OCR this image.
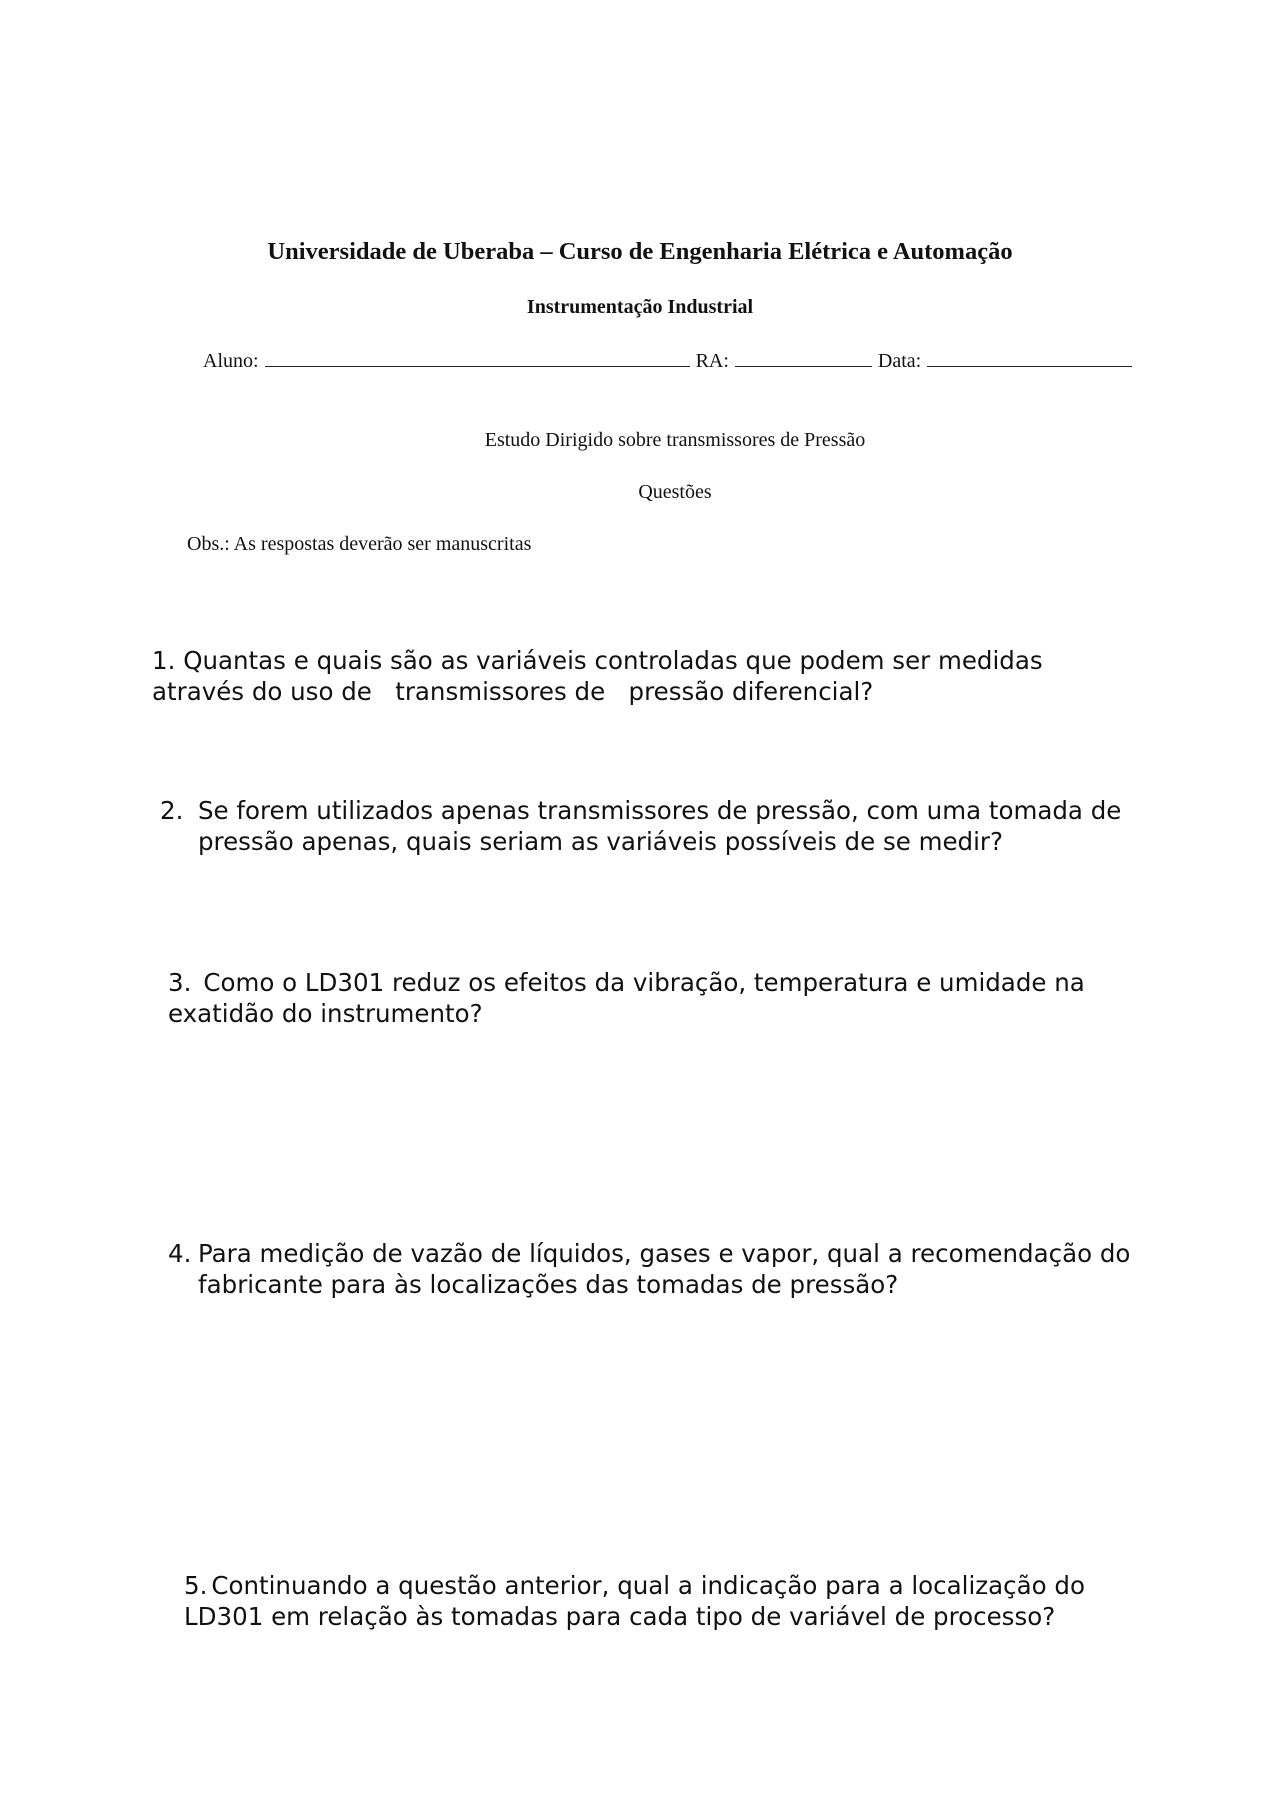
Universidade de Uberaba – Curso de Engenharia Elétrica e Automação
Instrumentação Industrial
Aluno:	RA:	Data:
Estudo Dirigido sobre transmissores de Pressão
Questões
Obs.: As respostas deverão ser manuscritas
1. Quantas e quais são as variáveis controladas que podem ser medidas através do uso de   transmissores de   pressão diferencial?
2. Se forem utilizados apenas transmissores de pressão, com uma tomada de pressão apenas, quais seriam as variáveis possíveis de se medir?
3. Como o LD301 reduz os efeitos da vibração, temperatura e umidade na exatidão do instrumento?
4. Para medição de vazão de líquidos, gases e vapor, qual a recomendação do fabricante para às localizações das tomadas de pressão?
5. Continuando a questão anterior, qual a indicação para a localização do LD301 em relação às tomadas para cada tipo de variável de processo?
